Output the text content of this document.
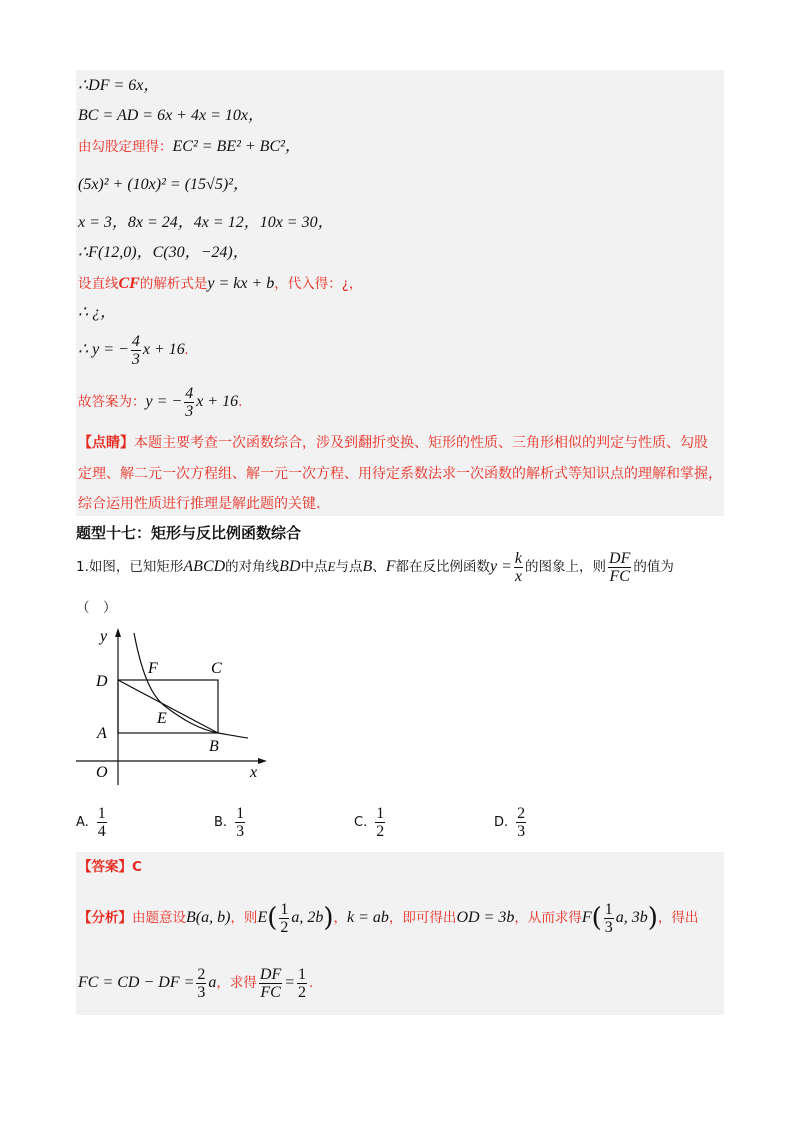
∴DF = 6x，
BC = AD = 6x + 4x = 10x，
由勾股定理得：EC² = BE² + BC²，
(5x)² + (10x)² = (15√5)²，
x = 3，8x = 24，4x = 12，10x = 30，
∴F(12,0)，C(30，−24)，
设直线CF的解析式是y = kx + b，代入得：¿，
∴ ¿，
∴ y = − $\frac{4}{3}$ x + 16.
故答案为：y = − $\frac{4}{3}$ x + 16.
【点睛】本题主要考查一次函数综合，涉及到翻折变换、矩形的性质、三角形相似的判定与性质、勾股
定理、解二元一次方程组、解一元一次方程、用待定系数法求一次函数的解析式等知识点的理解和掌握，
综合运用性质进行推理是解此题的关键.
题型十七：矩形与反比例函数综合
1.如图，已知矩形ABCD的对角线BD中点E与点B、F都在反比例函数$y = \frac{k}{x}$ 的图象上，则 $\frac{DF}{FC}$ 的值为
（　）
y
x
O
A
D
F	C
E
B
A. $\frac{1}{4}$	B. $\frac{1}{3}$	C. $\frac{1}{2}$	D. $\frac{2}{3}$
【答案】C
【分析】由题意设B(a, b)，则$E( \frac{1}{2} a$, 2b)，k = ab，即可得出OD = 3b，从而求得$F( \frac{1}{3} a$, 3b)，得出
FC = CD − DF = $\frac{2}{3}$ a，求得 $\frac{DF}{FC} = \frac{1}{2}$ .
